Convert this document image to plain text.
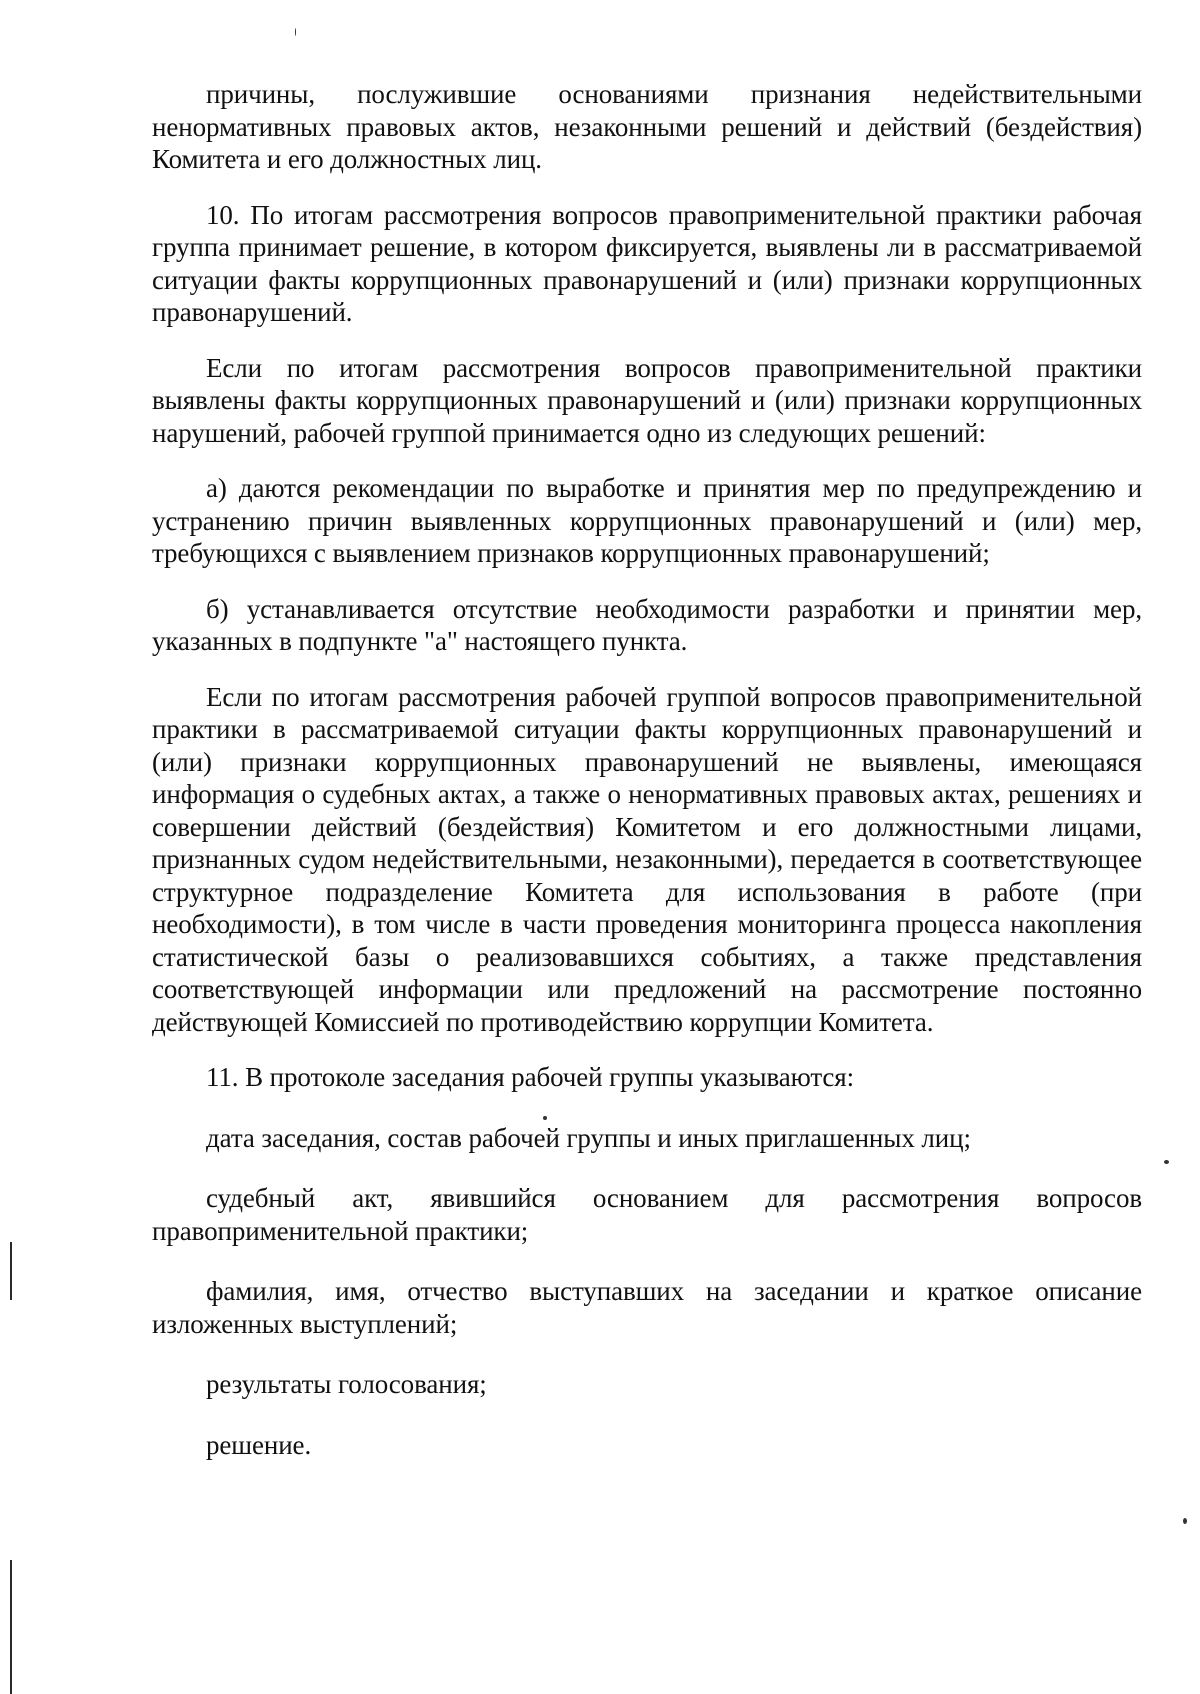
причины, послужившие основаниями признания недействительными ненормативных правовых актов, незаконными решений и действий (бездействия) Комитета и его должностных лиц.

10. По итогам рассмотрения вопросов правоприменительной практики рабочая группа принимает решение, в котором фиксируется, выявлены ли в рассматриваемой ситуации факты коррупционных правонарушений и (или) признаки коррупционных правонарушений.

Если по итогам рассмотрения вопросов правоприменительной практики выявлены факты коррупционных правонарушений и (или) признаки коррупционных нарушений, рабочей группой принимается одно из следующих решений:

а) даются рекомендации по выработке и принятия мер по предупреждению и устранению причин выявленных коррупционных правонарушений и (или) мер, требующихся с выявлением признаков коррупционных правонарушений;

б) устанавливается отсутствие необходимости разработки и принятии мер, указанных в подпункте "а" настоящего пункта.

Если по итогам рассмотрения рабочей группой вопросов правоприменительной практики в рассматриваемой ситуации факты коррупционных правонарушений и (или) признаки коррупционных правонарушений не выявлены, имеющаяся информация о судебных актах, а также о ненормативных правовых актах, решениях и совершении действий (бездействия) Комитетом и его должностными лицами, признанных судом недействительными, незаконными), передается в соответствующее структурное подразделение Комитета для использования в работе (при необходимости), в том числе в части проведения мониторинга процесса накопления статистической базы о реализовавшихся событиях, а также представления соответствующей информации или предложений на рассмотрение постоянно действующей Комиссией по противодействию коррупции Комитета.

11. В протоколе заседания рабочей группы указываются:

дата заседания, состав рабочей группы и иных приглашенных лиц;

судебный акт, явившийся основанием для рассмотрения вопросов правоприменительной практики;

фамилия, имя, отчество выступавших на заседании и краткое описание изложенных выступлений;

результаты голосования;

решение.
